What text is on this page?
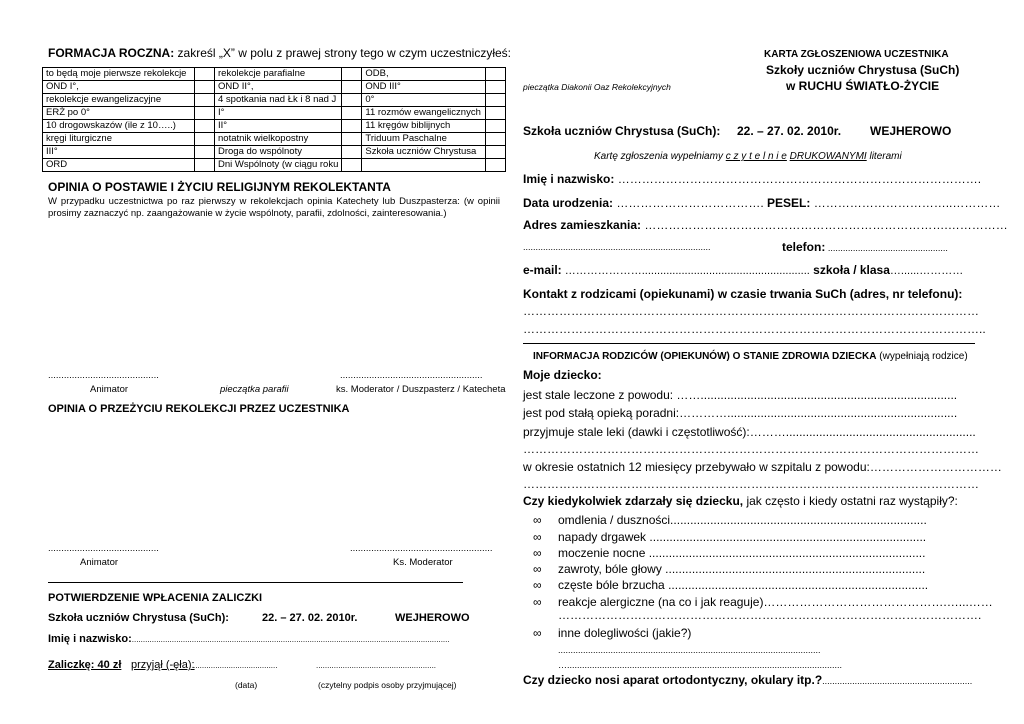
FORMACJA ROCZNA: zakreśl „X” w polu z prawej strony tego w czym uczestniczyłeś:
to będą moje pierwsze rekolekcje		rekolekcje parafialne		ODB,	
OND I°,		OND II°,		OND III°	
rekolekcje ewangelizacyjne		4 spotkania nad Łk i 8 nad J		0°	
ERŻ po 0°		I°		11 rozmów ewangelicznych	
10 drogowskazów (ile z 10…..)		II°		11 kręgów biblijnych	
kręgi liturgiczne		notatnik wielkopostny		Triduum Paschalne	
III°		Droga do wspólnoty		Szkoła uczniów Chrystusa	
ORD		Dni Wspólnoty (w ciągu roku			
OPINIA O POSTAWIE I ŻYCIU RELIGIJNYM REKOLEKTANTA
W przypadku uczestnictwa po raz pierwszy w rekolekcjach opinia Katechety lub Duszpasterza: (w opinii prosimy zaznaczyć np. zaangażowanie w życie wspólnoty, parafii, zdolności, zainteresowania.)
..........................................	......................................................
Animator	pieczątka parafii	ks. Moderator / Duszpasterz / Katecheta
OPINIA O PRZEŻYCIU REKOLEKCJI PRZEZ UCZESTNIKA
..........................................	......................................................
Animator	Ks. Moderator
POTWIERDZENIE WPŁACENIA ZALICZKI
Szkoła uczniów Chrystusa (SuCh):	22. – 27. 02. 2010r.	WEJHEROWO
Imię i nazwisko:...............................................................................................................................................
Zaliczkę: 40 zł przyjął (-ęła):
......................................	......................................................
(data)	(czytelny podpis osoby przyjmującej)
pieczątka Diakonii Oaz Rekolekcyjnych
KARTA ZGŁOSZENIOWA UCZESTNIKA
Szkoły uczniów Chrystusa (SuCh)
w RUCHU ŚWIATŁO-ŻYCIE
Szkoła uczniów Chrystusa (SuCh): 22. – 27. 02. 2010r. WEJHEROWO
Kartę zgłoszenia wypełniamy c z y t e l n i e DRUKOWANYMI literami
Imię i nazwisko: ……………………………………………………………………………….
Data urodzenia: ………………………………. PESEL: ……………………………..…………
Adres zamieszkania: ………………………………………………………………….……………
...........................................................................	telefon: ................................................
e-mail: …………………....................................................... szkoła / klasa…......…………
Kontakt z rodzicami (opiekunami) w czasie trwania SuCh (adres, nr telefonu):
……………………………………………………………………………………………………
……………………………………………………………………………………………………..
INFORMACJA RODZICÓW (OPIEKUNÓW) O STANIE ZDROWIA DZIECKA (wypełniają rodzice)
Moje dziecko:
jest stale leczone z powodu: …….............................................................................
jest pod stałą opieką poradni:………….....................................................................
przyjmuje stale leki (dawki i częstotliwość):……….........................................................
……………………………………………………………………………………………………
w okresie ostatnich 12 miesięcy przebywało w szpitalu z powodu:……………………………
……………………………………………………………………………………………………
Czy kiedykolwiek zdarzały się dziecku, jak często i kiedy ostatni raz wystąpiły?:
∞ omdlenia / duszności.............................................................................
∞ napady drgawek ...................................................................................
∞ moczenie nocne ...................................................................................
∞ zawroty, bóle głowy ..............................................................................
∞ częste bóle brzucha ..............................................................................
∞ reakcje alergiczne (na co i jak reaguje)……………………………………….…...……
∞ inne dolegliwości (jakie?)
…………………………………………………………………………………………….
.........................................................................................................
…..............................................................................................................
Czy dziecko nosi aparat ortodontyczny, okulary itp.?............................................................
